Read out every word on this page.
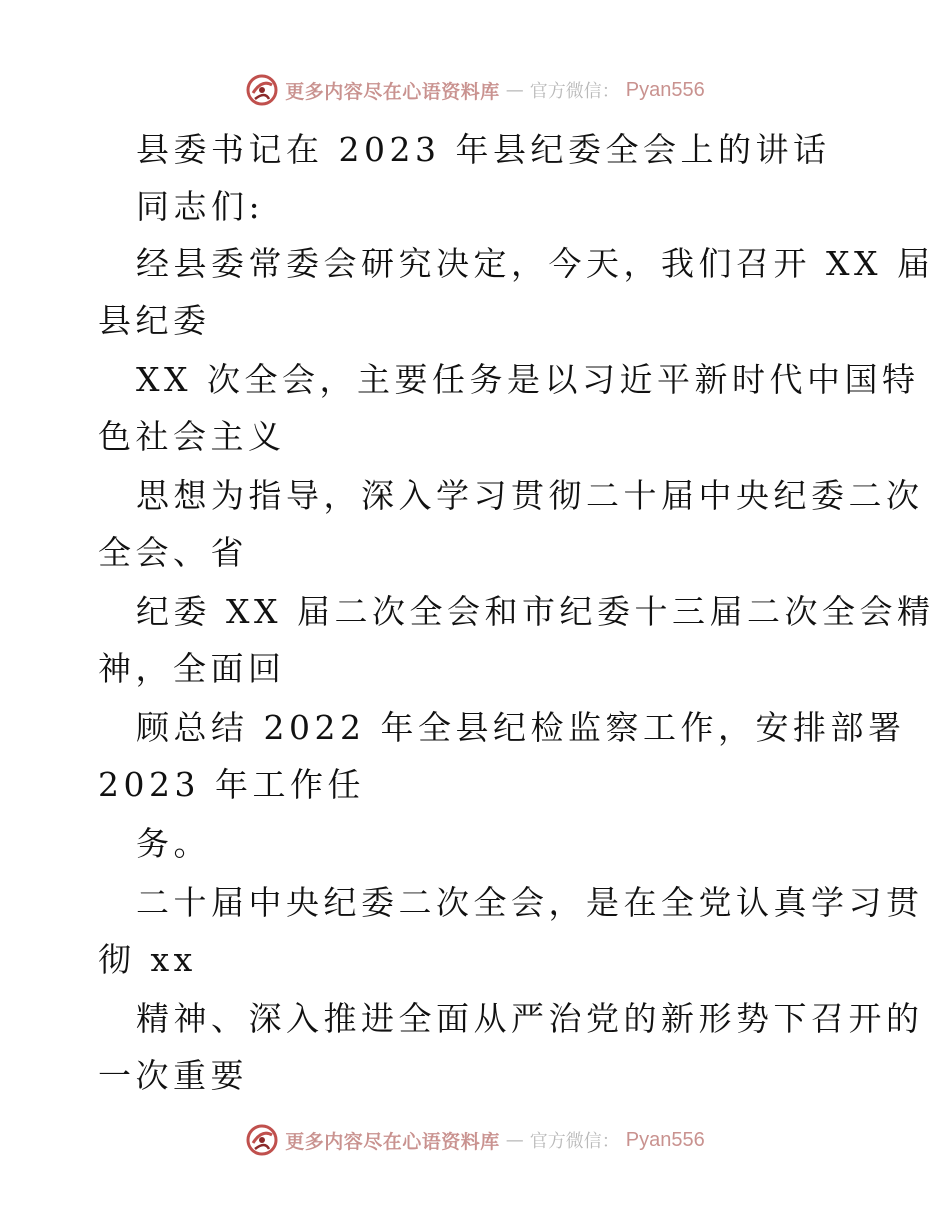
更多内容尽在心语资料库 — 官方微信： Pyan556
县委书记在 2023 年县纪委全会上的讲话
同志们:
经县委常委会研究决定，今天，我们召开 XX 届
县纪委
XX 次全会，主要任务是以习近平新时代中国特
色社会主义
思想为指导，深入学习贯彻二十届中央纪委二次
全会、省
纪委 XX 届二次全会和市纪委十三届二次全会精
神，全面回
顾总结 2022 年全县纪检监察工作，安排部署
2023 年工作任
务。
二十届中央纪委二次全会，是在全党认真学习贯
彻 xx
精神、深入推进全面从严治党的新形势下召开的
一次重要
更多内容尽在心语资料库 — 官方微信： Pyan556
